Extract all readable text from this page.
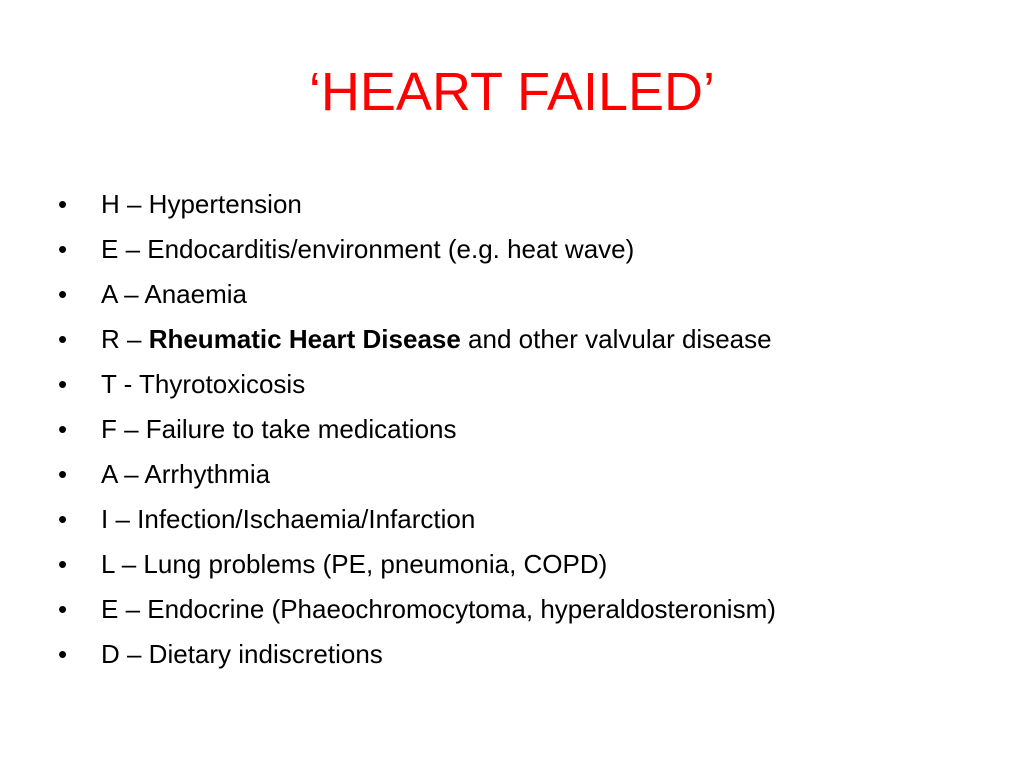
‘HEART FAILED’
• H – Hypertension
• E – Endocarditis/environment (e.g. heat wave)
• A – Anaemia
• R – Rheumatic Heart Disease and other valvular disease
• T - Thyrotoxicosis
• F – Failure to take medications
• A – Arrhythmia
• I – Infection/Ischaemia/Infarction
• L – Lung problems (PE, pneumonia, COPD)
• E – Endocrine (Phaeochromocytoma, hyperaldosteronism)
• D – Dietary indiscretions
